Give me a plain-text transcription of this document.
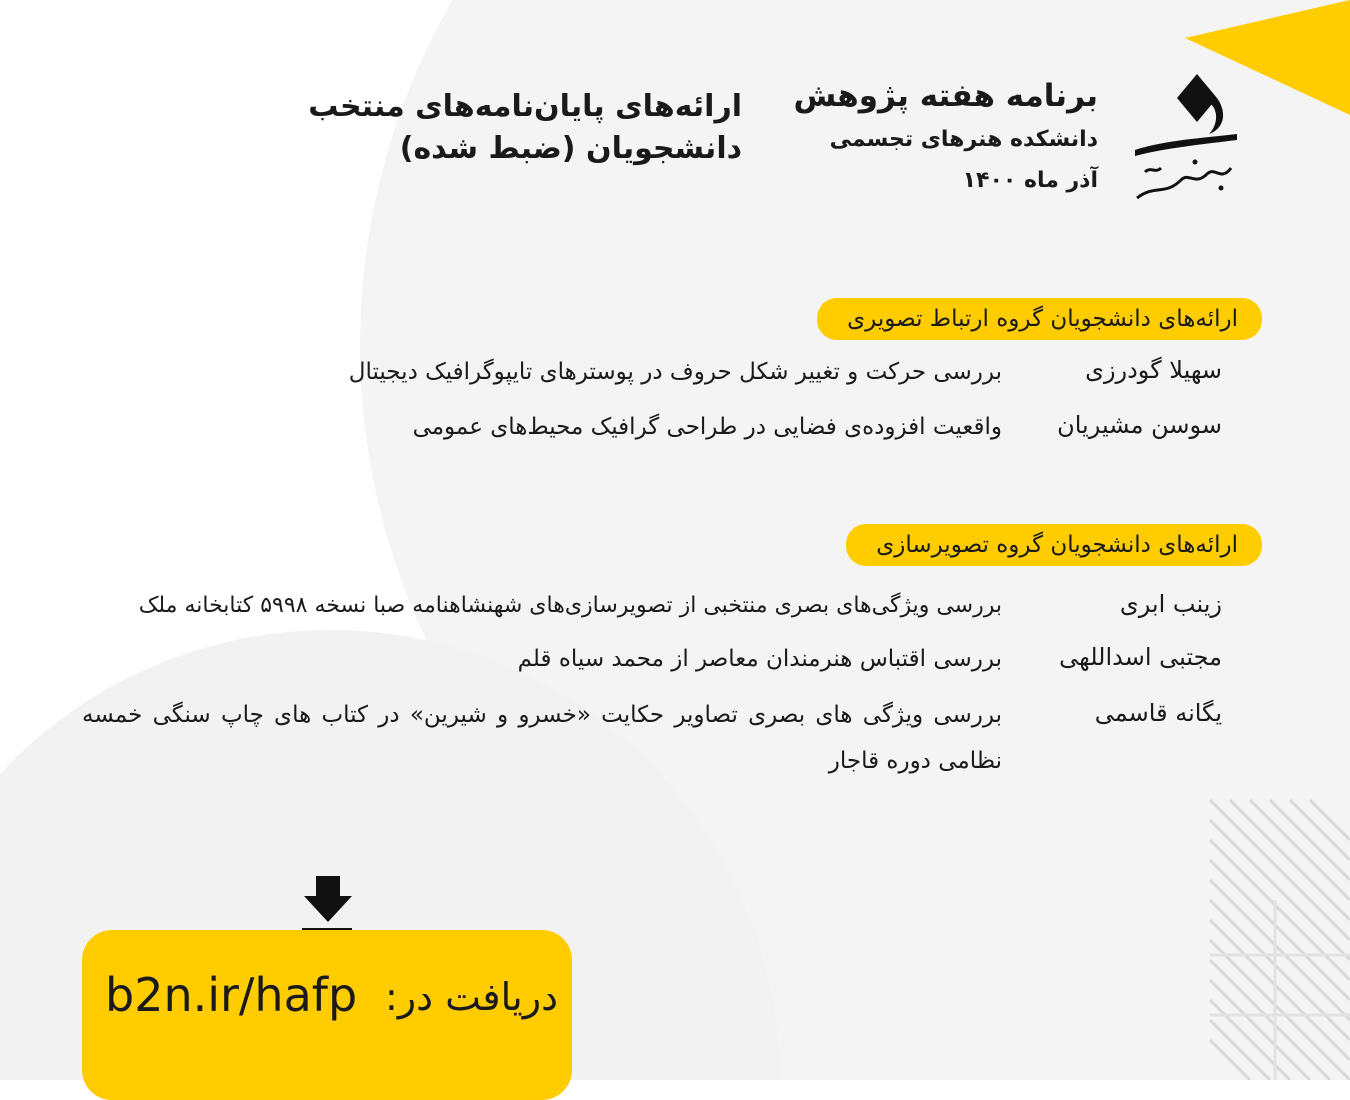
برنامه هفته پژوهش
دانشکده هنرهای تجسمی
آذر ماه ۱۴۰۰
ارائه‌های پایان‌نامه‌های منتخب دانشجویان (ضبط شده)
ارائه‌های دانشجویان گروه ارتباط تصویری
سهیلا گودرزی
بررسی حرکت و تغییر شکل حروف در پوسترهای تایپوگرافیک دیجیتال
سوسن مشیریان
واقعیت افزوده‌ی فضایی در طراحی گرافیک محیط‌های عمومی
ارائه‌های دانشجویان گروه تصویرسازی
زینب ابری
بررسی ویژگی‌های بصری منتخبی از تصویرسازی‌های شهنشاهنامه صبا نسخه ۵۹۹۸ کتابخانه ملک
مجتبی اسداللهی
بررسی اقتباس هنرمندان معاصر از محمد سیاه قلم
یگانه قاسمی
بررسی ویژگی های بصری تصاویر حکایت «خسرو و شیرین» در کتاب های چاپ سنگی خمسه نظامی دوره قاجار
دریافت در:
b2n.ir/hafp
